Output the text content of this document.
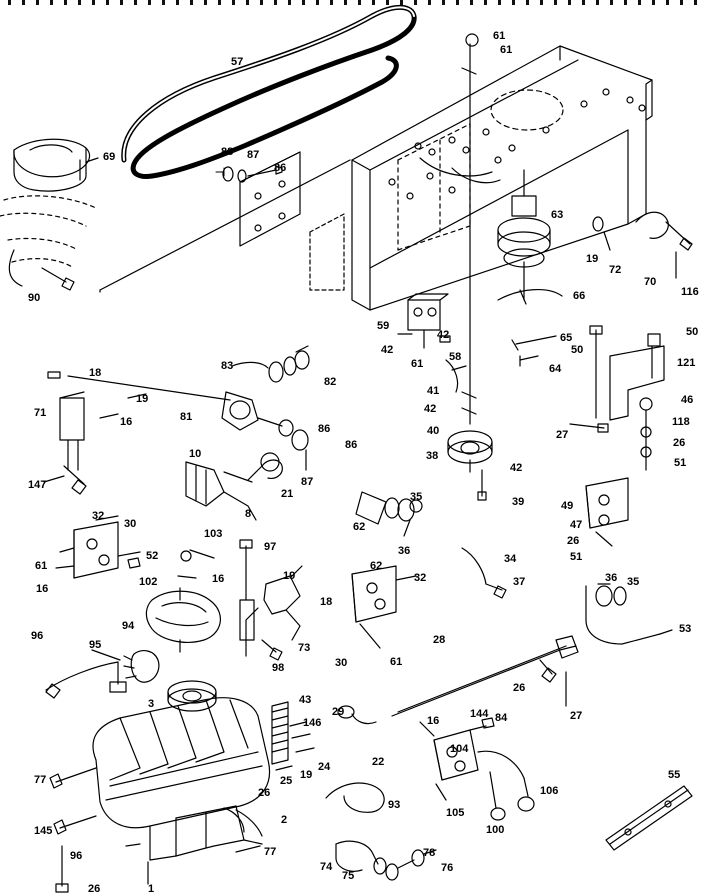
57
61
61
69	88 87
86
63
19
72
70
116
90	66
59
42	65
50
50
42
61
58
64	121
83
82
18
41
19
71
16	81
42
46
118
40
86
86
27
26
38
42	51
10
87
21
147
8
35	39	49
62	47
32
30
103
36
26
51
97
52	34
61
16
102	16	19
62
32	37
18
36 35
96
95
94
73
30	61
28
53
98
26
27
3	43
29
16
144 84
146
104
22
24
19
25
26
77
106
105
100
55
93
2
145
77
96
74
75
78
76
26	1
